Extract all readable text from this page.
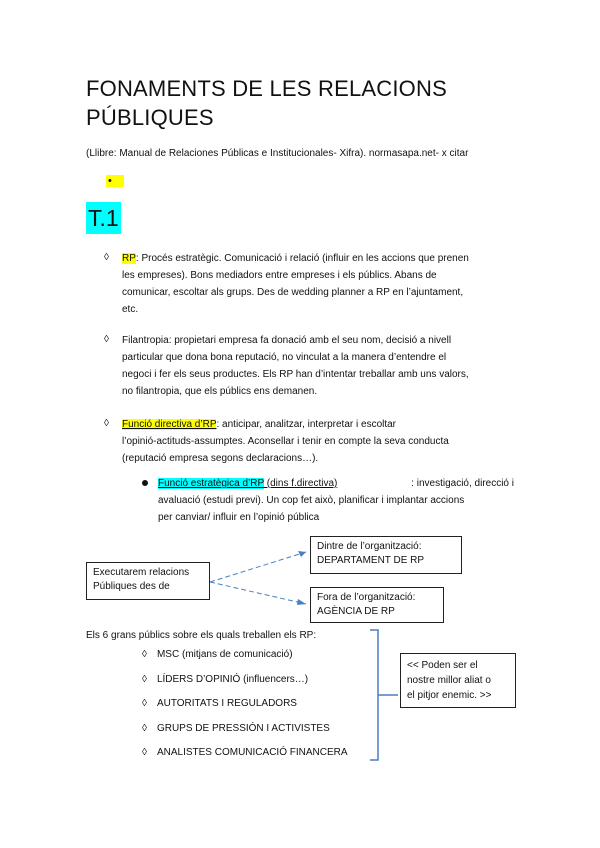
FONAMENTS DE LES RELACIONS
PÚBLIQUES
(Llibre: Manual de Relaciones Públicas e Institucionales- Xifra). normasapa.net- x citar
•
T.1
◊ RP: Procés estratègic. Comunicació i relació (influir en les accions que prenen
les empreses). Bons mediadors entre empreses i els públics. Abans de
comunicar, escoltar als grups. Des de wedding planner a RP en l’ajuntament,
etc.
◊ Filantropia: propietari empresa fa donació amb el seu nom, decisió a nivell
particular que dona bona reputació, no vinculat a la manera d’entendre el
negoci i fer els seus productes. Els RP han d’intentar treballar amb uns valors,
no filantropia, que els públics ens demanen.
◊ Funció directiva d’RP: anticipar, analitzar, interpretar i escoltar
l’opinió-actituds-assumptes. Aconsellar i tenir en compte la seva conducta
(reputació empresa segons declaracions…).
Funció estratègica d’RP (dins f.directiva)	: investigació, direcció i
avaluació (estudi previ). Un cop fet això, planificar i implantar accions
per canviar/ influir en l’opinió pública
Executarem relacions
Públiques des de
Dintre de l’organització:
DEPARTAMENT DE RP
Fora de l’organització:
AGÈNCIA DE RP
Els 6 grans públics sobre els quals treballen els RP:
◊ MSC (mitjans de comunicació)
◊ LÍDERS D’OPINIÓ (influencers…)
◊ AUTORITATS I REGULADORS
◊ GRUPS DE PRESSIÓN I ACTIVISTES
◊ ANALISTES COMUNICACIÓ FINANCERA
<< Poden ser el
nostre millor aliat o
el pitjor enemic. >>
